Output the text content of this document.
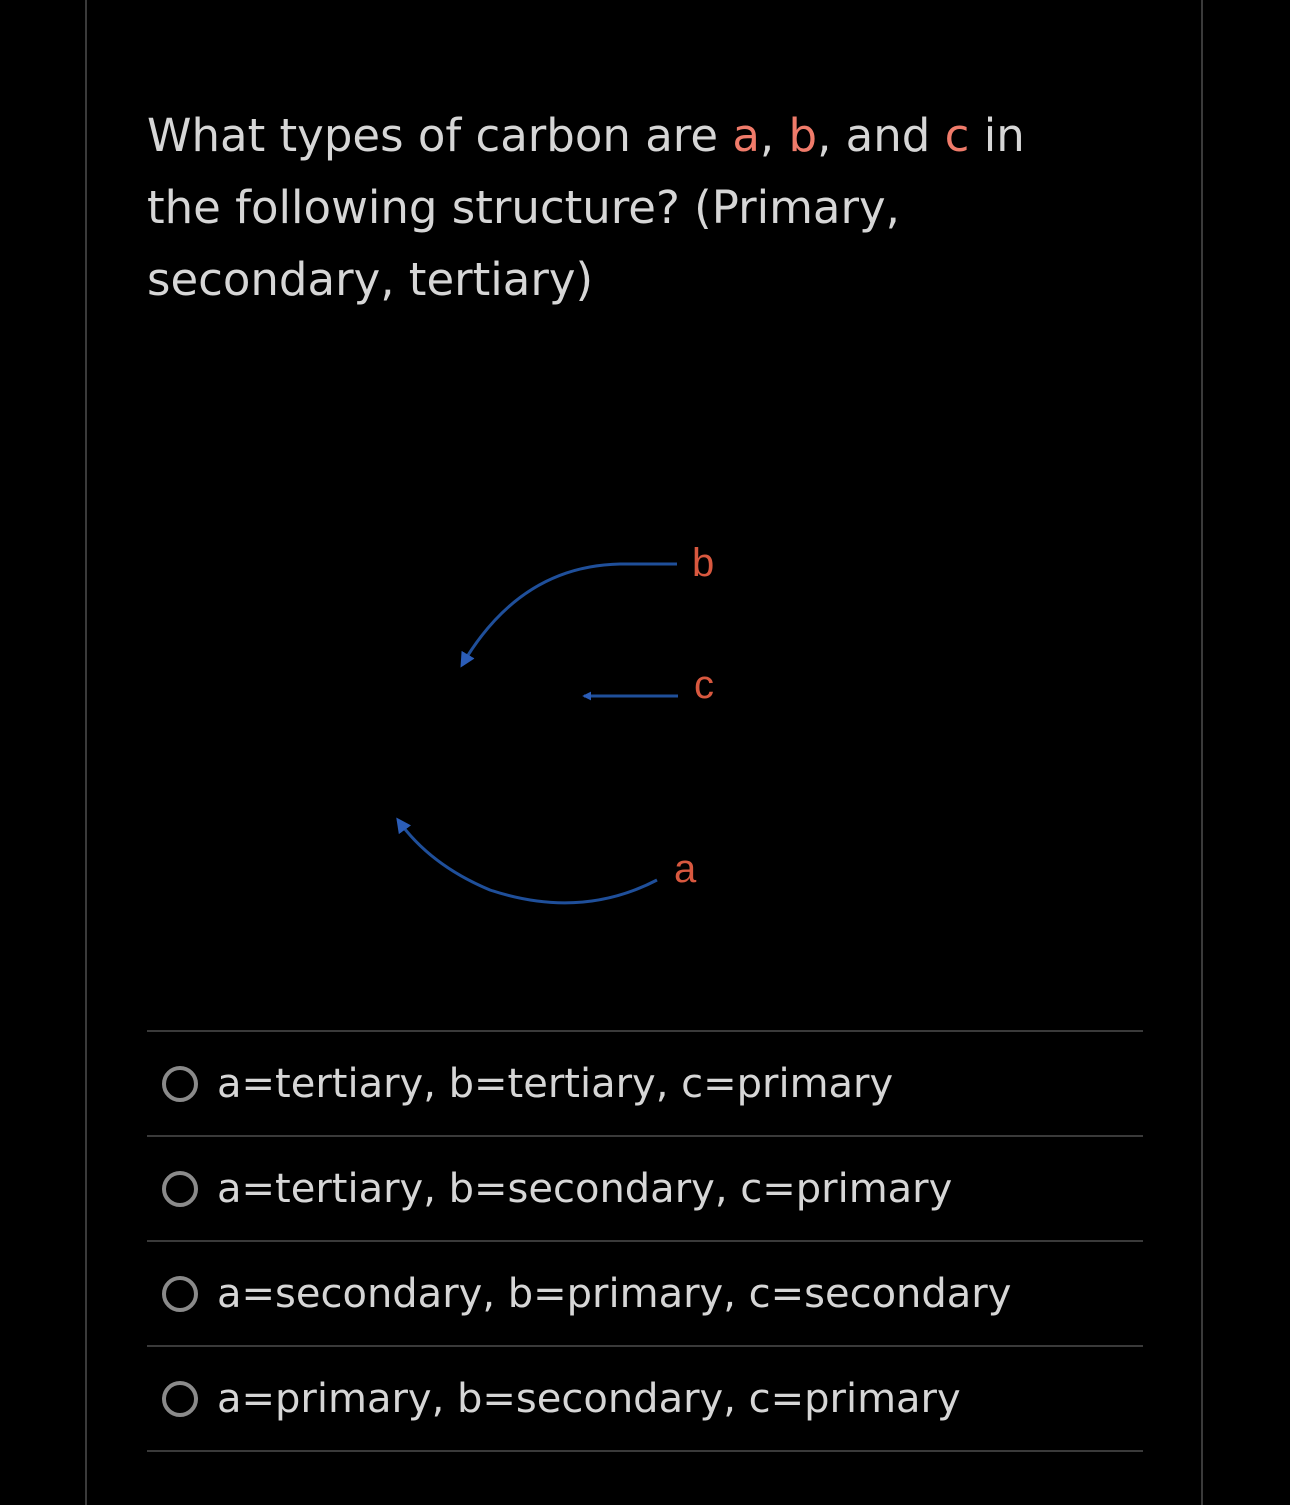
What types of carbon are a, b, and c in the following structure? (Primary, secondary, tertiary)
b
c
a
a=tertiary, b=tertiary, c=primary
a=tertiary, b=secondary, c=primary
a=secondary, b=primary, c=secondary
a=primary, b=secondary, c=primary
